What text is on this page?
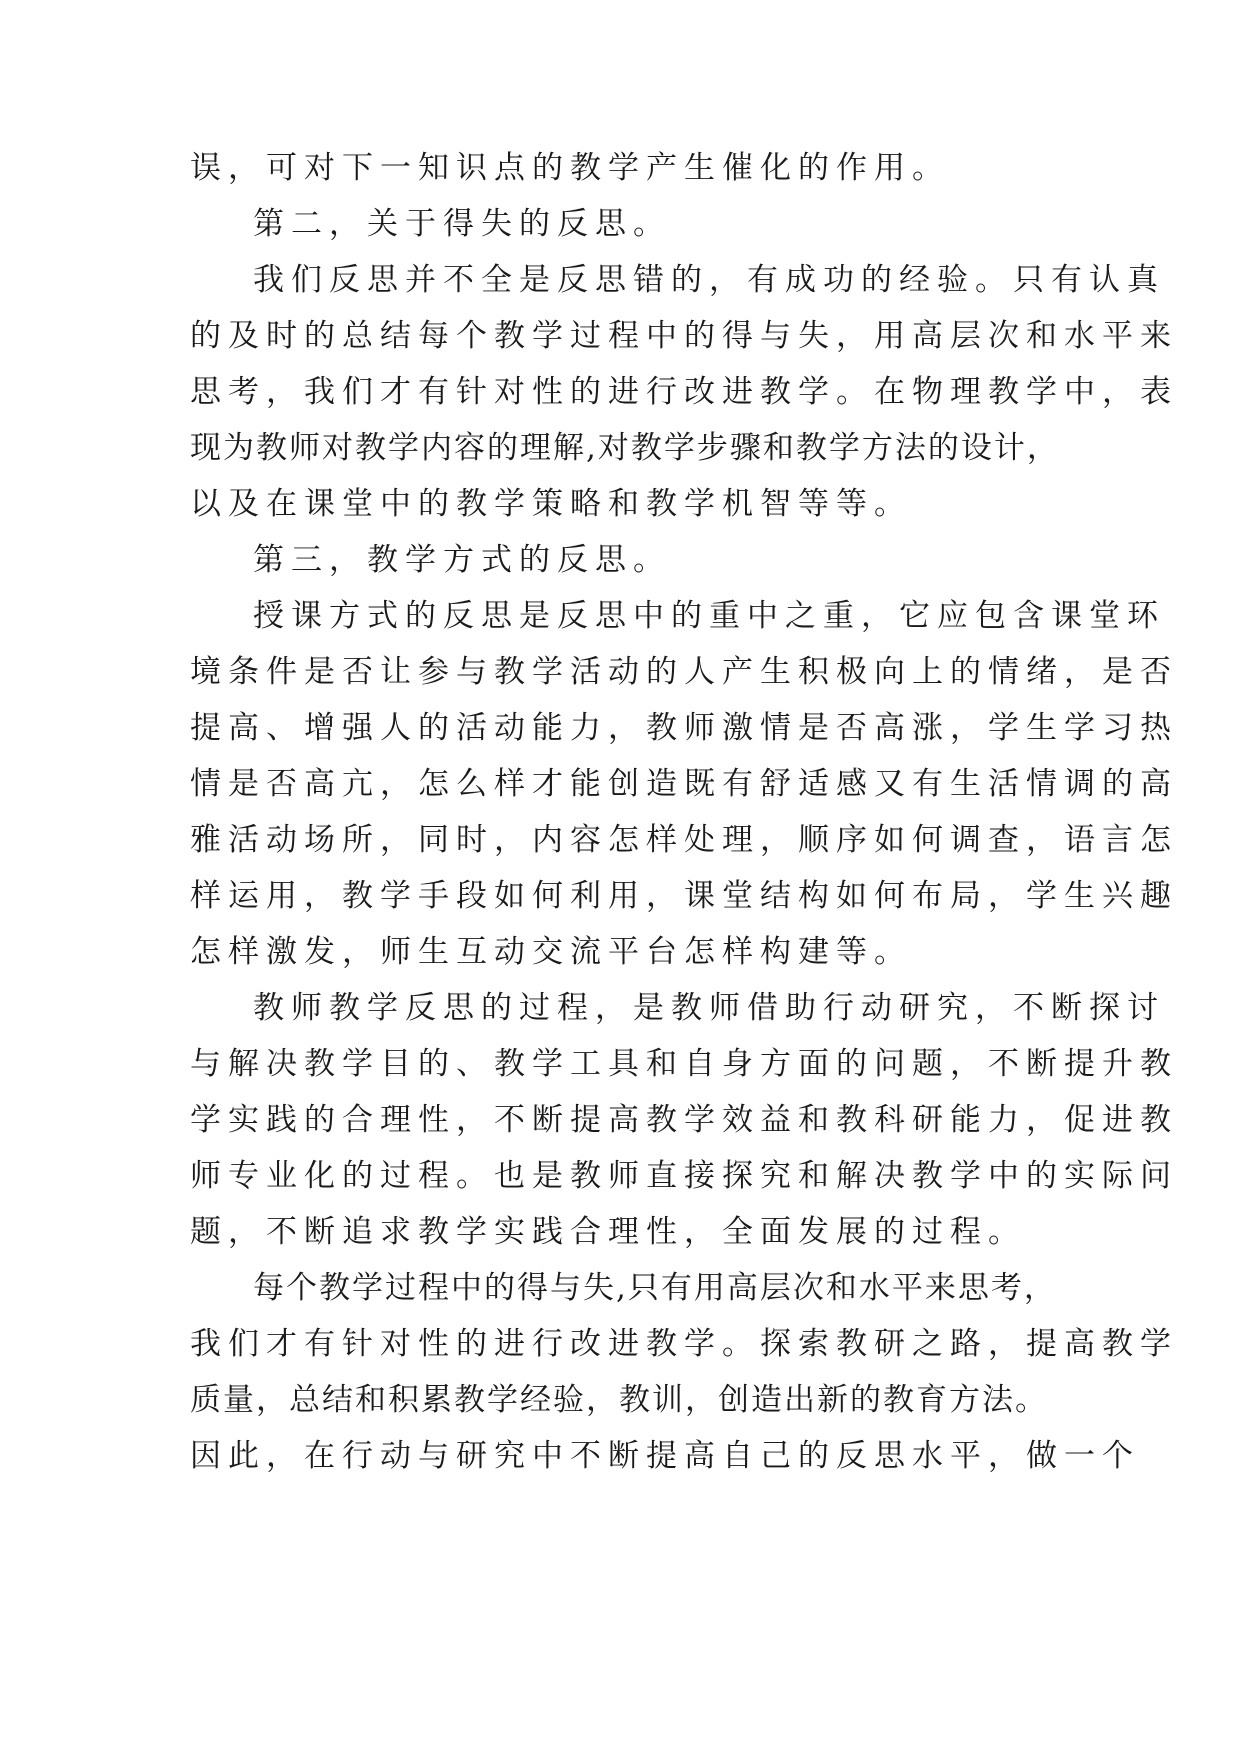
误，可对下一知识点的教学产生催化的作用。
第二，关于得失的反思。
我们反思并不全是反思错的，有成功的经验。只有认真
的及时的总结每个教学过程中的得与失，用高层次和水平来
思考，我们才有针对性的进行改进教学。在物理教学中，表
现为教师对教学内容的理解,对教学步骤和教学方法的设计，
以及在课堂中的教学策略和教学机智等等。
第三，教学方式的反思。
授课方式的反思是反思中的重中之重，它应包含课堂环
境条件是否让参与教学活动的人产生积极向上的情绪，是否
提高、增强人的活动能力，教师激情是否高涨，学生学习热
情是否高亢，怎么样才能创造既有舒适感又有生活情调的高
雅活动场所，同时，内容怎样处理，顺序如何调查，语言怎
样运用，教学手段如何利用，课堂结构如何布局，学生兴趣
怎样激发，师生互动交流平台怎样构建等。
教师教学反思的过程，是教师借助行动研究，不断探讨
与解决教学目的、教学工具和自身方面的问题，不断提升教
学实践的合理性，不断提高教学效益和教科研能力，促进教
师专业化的过程。也是教师直接探究和解决教学中的实际问
题，不断追求教学实践合理性，全面发展的过程。
每个教学过程中的得与失,只有用高层次和水平来思考，
我们才有针对性的进行改进教学。探索教研之路，提高教学
质量，总结和积累教学经验，教训，创造出新的教育方法。
因此，在行动与研究中不断提高自己的反思水平，做一个
